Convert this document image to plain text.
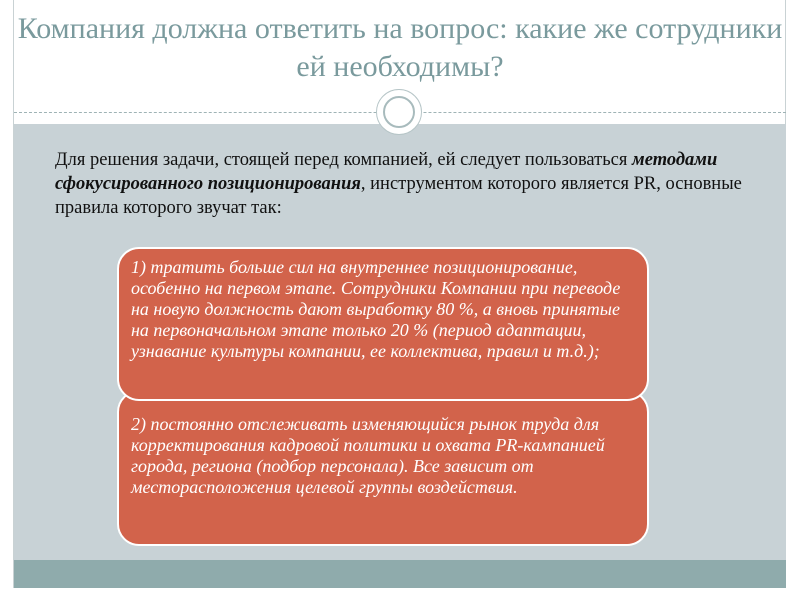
Компания должна ответить на вопрос: какие же сотрудники ей необходимы?

Для решения задачи, стоящей перед компанией, ей следует пользоваться методами сфокусированного позиционирования, инструментом которого является PR, основные правила которого звучат так:

2) постоянно отслеживать изменяющийся рынок труда для корректирования кадровой политики и охвата PR-кампанией города, региона (подбор персонала). Все зависит от месторасположения целевой группы воздействия.
1) тратить больше сил на внутреннее позиционирование, особенно на первом этапе. Сотрудники Компании при переводе на новую должность дают выработку 80 %, а вновь принятые на первоначальном этапе только 20 % (период адаптации, узнавание культуры компании, ее коллектива, правил и т.д.);
